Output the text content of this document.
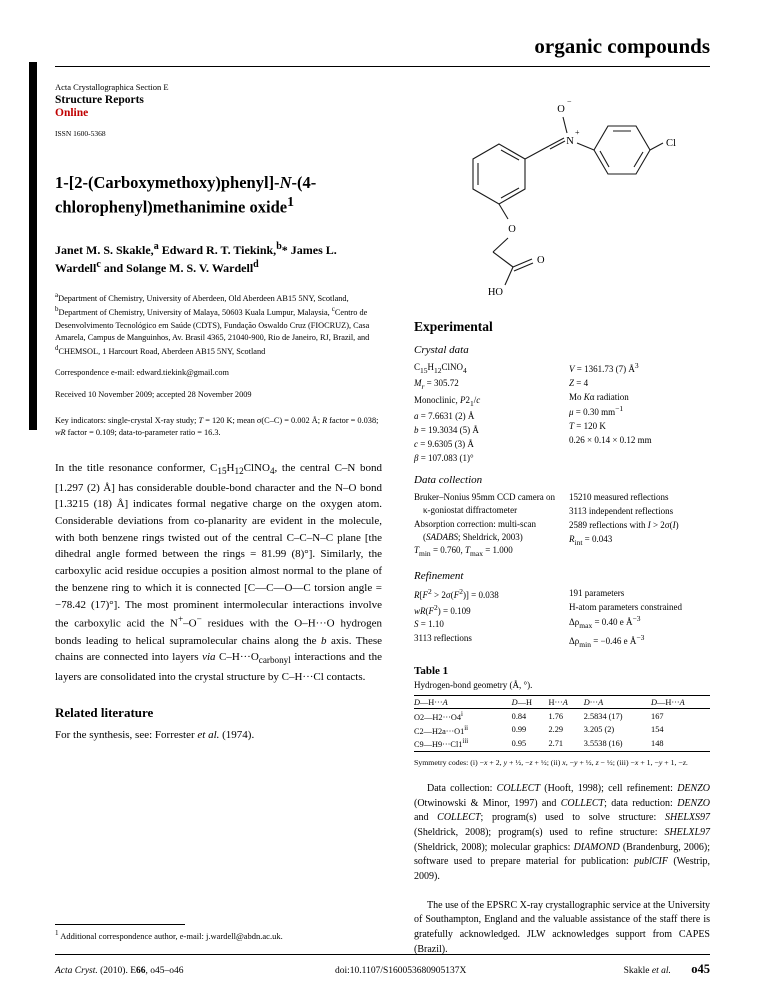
organic compounds
Acta Crystallographica Section E
Structure Reports
Online
ISSN 1600-5368
1-[2-(Carboxymethoxy)phenyl]-N-(4-chlorophenyl)methanimine oxide$^1$
Janet M. S. Skakle,$^a$ Edward R. T. Tiekink,$^b$* James L. Wardell$^c$ and Solange M. S. V. Wardell$^d$
$^a$Department of Chemistry, University of Aberdeen, Old Aberdeen AB15 5NY, Scotland, $^b$Department of Chemistry, University of Malaya, 50603 Kuala Lumpur, Malaysia, $^c$Centro de Desenvolvimento Tecnológico em Saúde (CDTS), Fundação Oswaldo Cruz (FIOCRUZ), Casa Amarela, Campus de Manguinhos, Av. Brasil 4365, 21040-900, Rio de Janeiro, RJ, Brazil, and $^d$CHEMSOL, 1 Harcourt Road, Aberdeen AB15 5NY, Scotland
Correspondence e-mail: edward.tiekink@gmail.com
Received 10 November 2009; accepted 28 November 2009
Key indicators: single-crystal X-ray study; T = 120 K; mean σ(C–C) = 0.002 Å; R factor = 0.038; wR factor = 0.109; data-to-parameter ratio = 16.3.
In the title resonance conformer, $C_{15}H_{12}ClNO_4$, the central C–N bond [1.297 (2) Å] has considerable double-bond character and the N–O bond [1.3215 (18) Å] indicates formal negative charge on the oxygen atom. Considerable deviations from co-planarity are evident in the molecule, with both benzene rings twisted out of the central C–C–N–C plane [the dihedral angle formed between the rings = 81.99 (8)°]. Similarly, the carboxylic acid residue occupies a position almost normal to the plane of the benzene ring to which it is connected [C—C—O—C torsion angle = −78.42 (17)°]. The most prominent intermolecular interactions involve the carboxylic acid the N+–O− residues with the O–H···O hydrogen bonds leading to helical supramolecular chains along the b axis. These chains are connected into layers via $C-H\cdot\cdot\cdot O_{carbonyl}$ interactions and the layers are consolidated into the crystal structure by C–H···Cl contacts.
Related literature
For the synthesis, see: Forrester et al. (1974).
O
−
N
+
Cl
O
O
HO
Experimental
Crystal data
$C_{15}H_{12}ClNO_4$
$M_r = 305.72$
Monoclinic, $P2_1/c$
a = 7.6631 (2) Å
b = 19.3034 (5) Å
c = 9.6305 (3) Å
β = 107.083 (1)°
V = 1361.73 (7) $Å^3$
Z = 4
Mo Kα radiation
μ = 0.30 $mm^{-1}$
T = 120 K
0.26 × 0.14 × 0.12 mm
Data collection
Bruker–Nonius 95mm CCD camera on κ-goniostat diffractometer
Absorption correction: multi-scan (SADABS; Sheldrick, 2003)
$T_{min} = 0.760$, $T_{max} = 1.000$
15210 measured reflections
3113 independent reflections
2589 reflections with I > 2σ(I)
$R_{int} = 0.043$
Refinement
$R[F^2 > 2\sigma(F^2)] = 0.038$
$wR(F^2) = 0.109$
S = 1.10
3113 reflections
191 parameters
H-atom parameters constrained
$\Delta\rho_{max} = 0.40$ e $Å^{-3}$
$\Delta\rho_{min} = -0.46$ e $Å^{-3}$
Table 1
Hydrogen-bond geometry (Å, °).
D—H···A	D—H	H···A	D···A	D—H···A
$O2—H2\cdot\cdot\cdot O4^i$	0.84	1.76	2.5834 (17)	167
$C2—H2a\cdot\cdot\cdot O1^{ii}$	0.99	2.29	3.205 (2)	154
$C9—H9\cdot\cdot\cdot Cl1^{iii}$	0.95	2.71	3.5538 (16)	148
Symmetry codes: (i) −x + 2, y + ½, −z + ½; (ii) x, −y + ½, z − ½; (iii) −x + 1, −y + 1, −z.
Data collection: COLLECT (Hooft, 1998); cell refinement: DENZO (Otwinowski & Minor, 1997) and COLLECT; data reduction: DENZO and COLLECT; program(s) used to solve structure: SHELXS97 (Sheldrick, 2008); program(s) used to refine structure: SHELXL97 (Sheldrick, 2008); molecular graphics: DIAMOND (Brandenburg, 2006); software used to prepare material for publication: publCIF (Westrip, 2009).
The use of the EPSRC X-ray crystallographic service at the University of Southampton, England and the valuable assistance of the staff there is gratefully acknowledged. JLW acknowledges support from CAPES (Brazil).
$^1$ Additional correspondence author, e-mail: j.wardell@abdn.ac.uk.
Acta Cryst. (2010). E66, o45–o46	doi:10.1107/S160053680905137X	Skakle et al. o45
